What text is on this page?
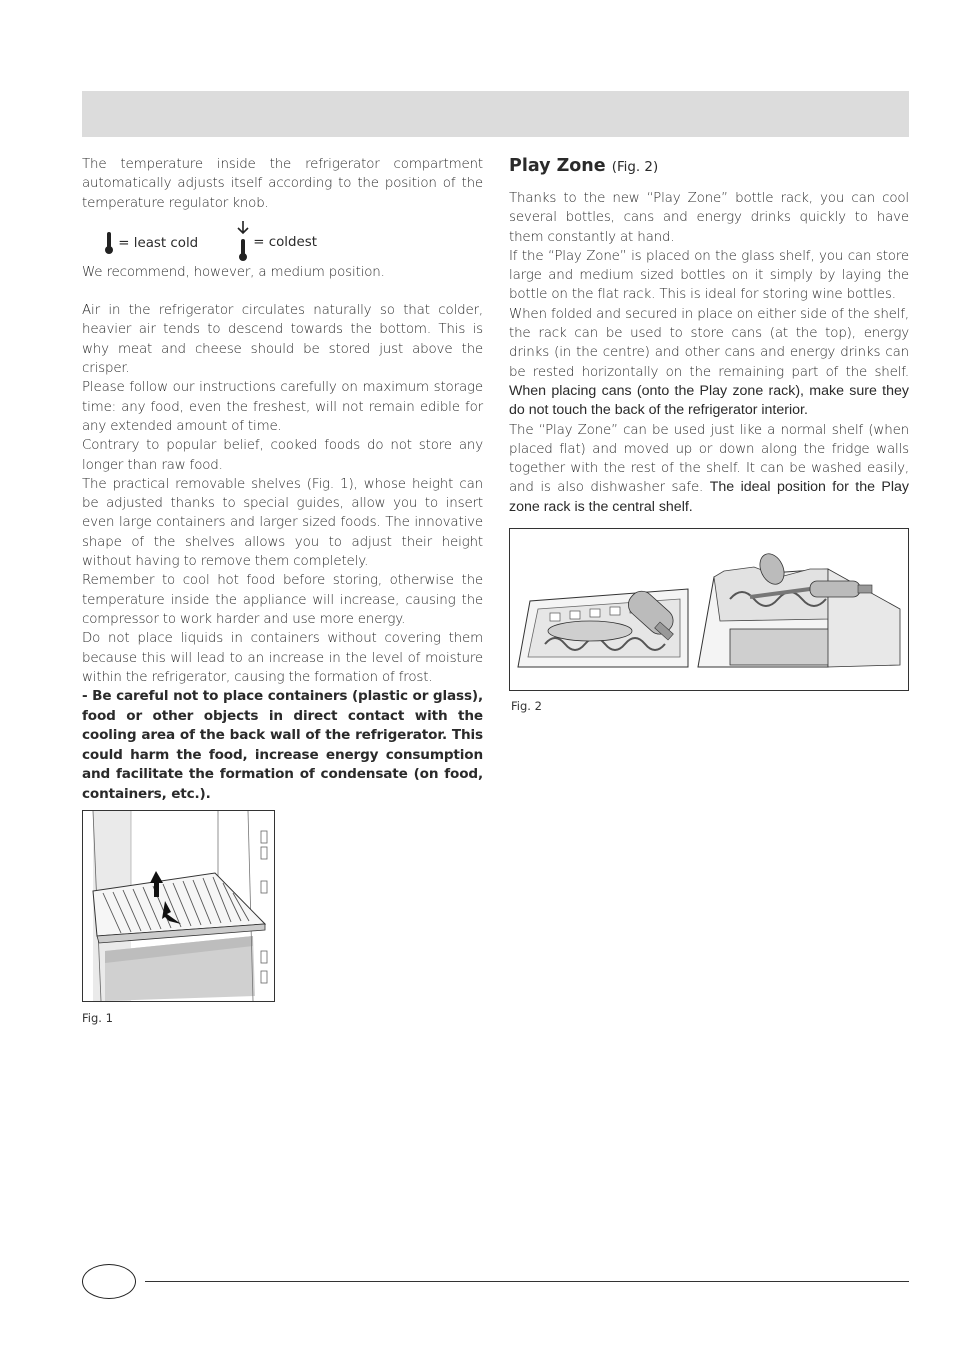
The temperature inside the refrigerator compartment automatically adjusts itself according to the position of the temperature regulator knob.

= least cold	= coldest

We recommend, however, a medium position.

Air in the refrigerator circulates naturally so that colder, heavier air tends to descend towards the bottom. This is why meat and cheese should be stored just above the crisper.

Please follow our instructions carefully on maximum storage time: any food, even the freshest, will not remain edible for any extended amount of time.

Contrary to popular belief, cooked foods do not store any longer than raw food.

The practical removable shelves (Fig. 1), whose height can be adjusted thanks to special guides, allow you to insert even large containers and larger sized foods. The innovative shape of the shelves allows you to adjust their height without having to remove them completely.

Remember to cool hot food before storing, otherwise the temperature inside the appliance will increase, causing the compressor to work harder and use more energy.

Do not place liquids in containers without covering them because this will lead to an increase in the level of moisture within the refrigerator, causing the formation of frost.

- Be careful not to place containers (plastic or glass), food or other objects in direct contact with the cooling area of the back wall of the refrigerator. This could harm the food, increase energy consumption and facilitate the formation of condensate (on food, containers, etc.).

Fig. 1
Play Zone (Fig. 2)

Thanks to the new “Play Zone” bottle rack, you can cool several bottles, cans and energy drinks quickly to have them constantly at hand.

If the “Play Zone” is placed on the glass shelf, you can store large and medium sized bottles on it simply by laying the bottle on the flat rack. This is ideal for storing wine bottles.

When folded and secured in place on either side of the shelf, the rack can be used to store cans (at the top), energy drinks (in the centre) and other cans and energy drinks can be rested horizontally on the remaining part of the shelf. When placing cans (onto the Play zone rack), make sure they do not touch the back of the refrigerator interior.

The “Play Zone” can be used just like a normal shelf (when placed flat) and moved up or down along the fridge walls together with the rest of the shelf. It can be washed easily, and is also dishwasher safe. The ideal position for the Play zone rack is the central shelf.

Fig. 2
